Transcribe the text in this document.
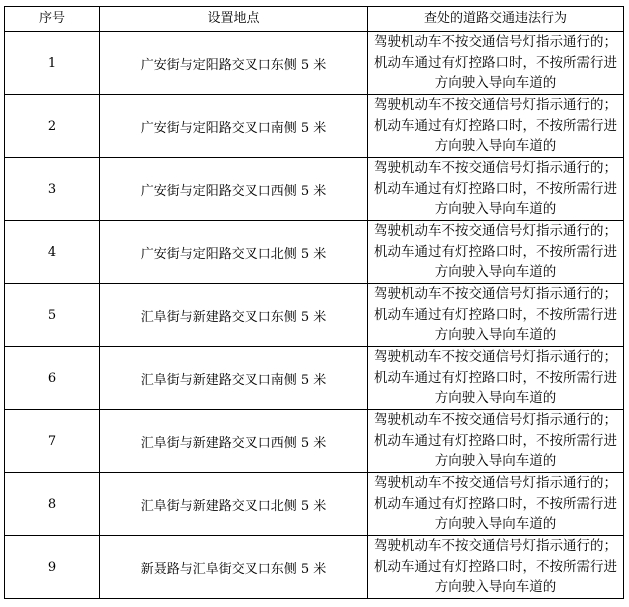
序号	设置地点	查处的道路交通违法行为
1	广安街与定阳路交叉口东侧 5 米	驾驶机动车不按交通信号灯指示通行的；
机动车通过有灯控路口时，不按所需行进
方向驶入导向车道的

2	广安街与定阳路交叉口南侧 5 米	驾驶机动车不按交通信号灯指示通行的；
机动车通过有灯控路口时，不按所需行进
方向驶入导向车道的

3	广安街与定阳路交叉口西侧 5 米	驾驶机动车不按交通信号灯指示通行的；
机动车通过有灯控路口时，不按所需行进
方向驶入导向车道的

4	广安街与定阳路交叉口北侧 5 米	驾驶机动车不按交通信号灯指示通行的；
机动车通过有灯控路口时，不按所需行进
方向驶入导向车道的

5	汇阜街与新建路交叉口东侧 5 米	驾驶机动车不按交通信号灯指示通行的；
机动车通过有灯控路口时，不按所需行进
方向驶入导向车道的

6	汇阜街与新建路交叉口南侧 5 米	驾驶机动车不按交通信号灯指示通行的；
机动车通过有灯控路口时，不按所需行进
方向驶入导向车道的

7	汇阜街与新建路交叉口西侧 5 米	驾驶机动车不按交通信号灯指示通行的；
机动车通过有灯控路口时，不按所需行进
方向驶入导向车道的

8	汇阜街与新建路交叉口北侧 5 米	驾驶机动车不按交通信号灯指示通行的；
机动车通过有灯控路口时，不按所需行进
方向驶入导向车道的

9	新聂路与汇阜街交叉口东侧 5 米	驾驶机动车不按交通信号灯指示通行的；
机动车通过有灯控路口时，不按所需行进
方向驶入导向车道的
